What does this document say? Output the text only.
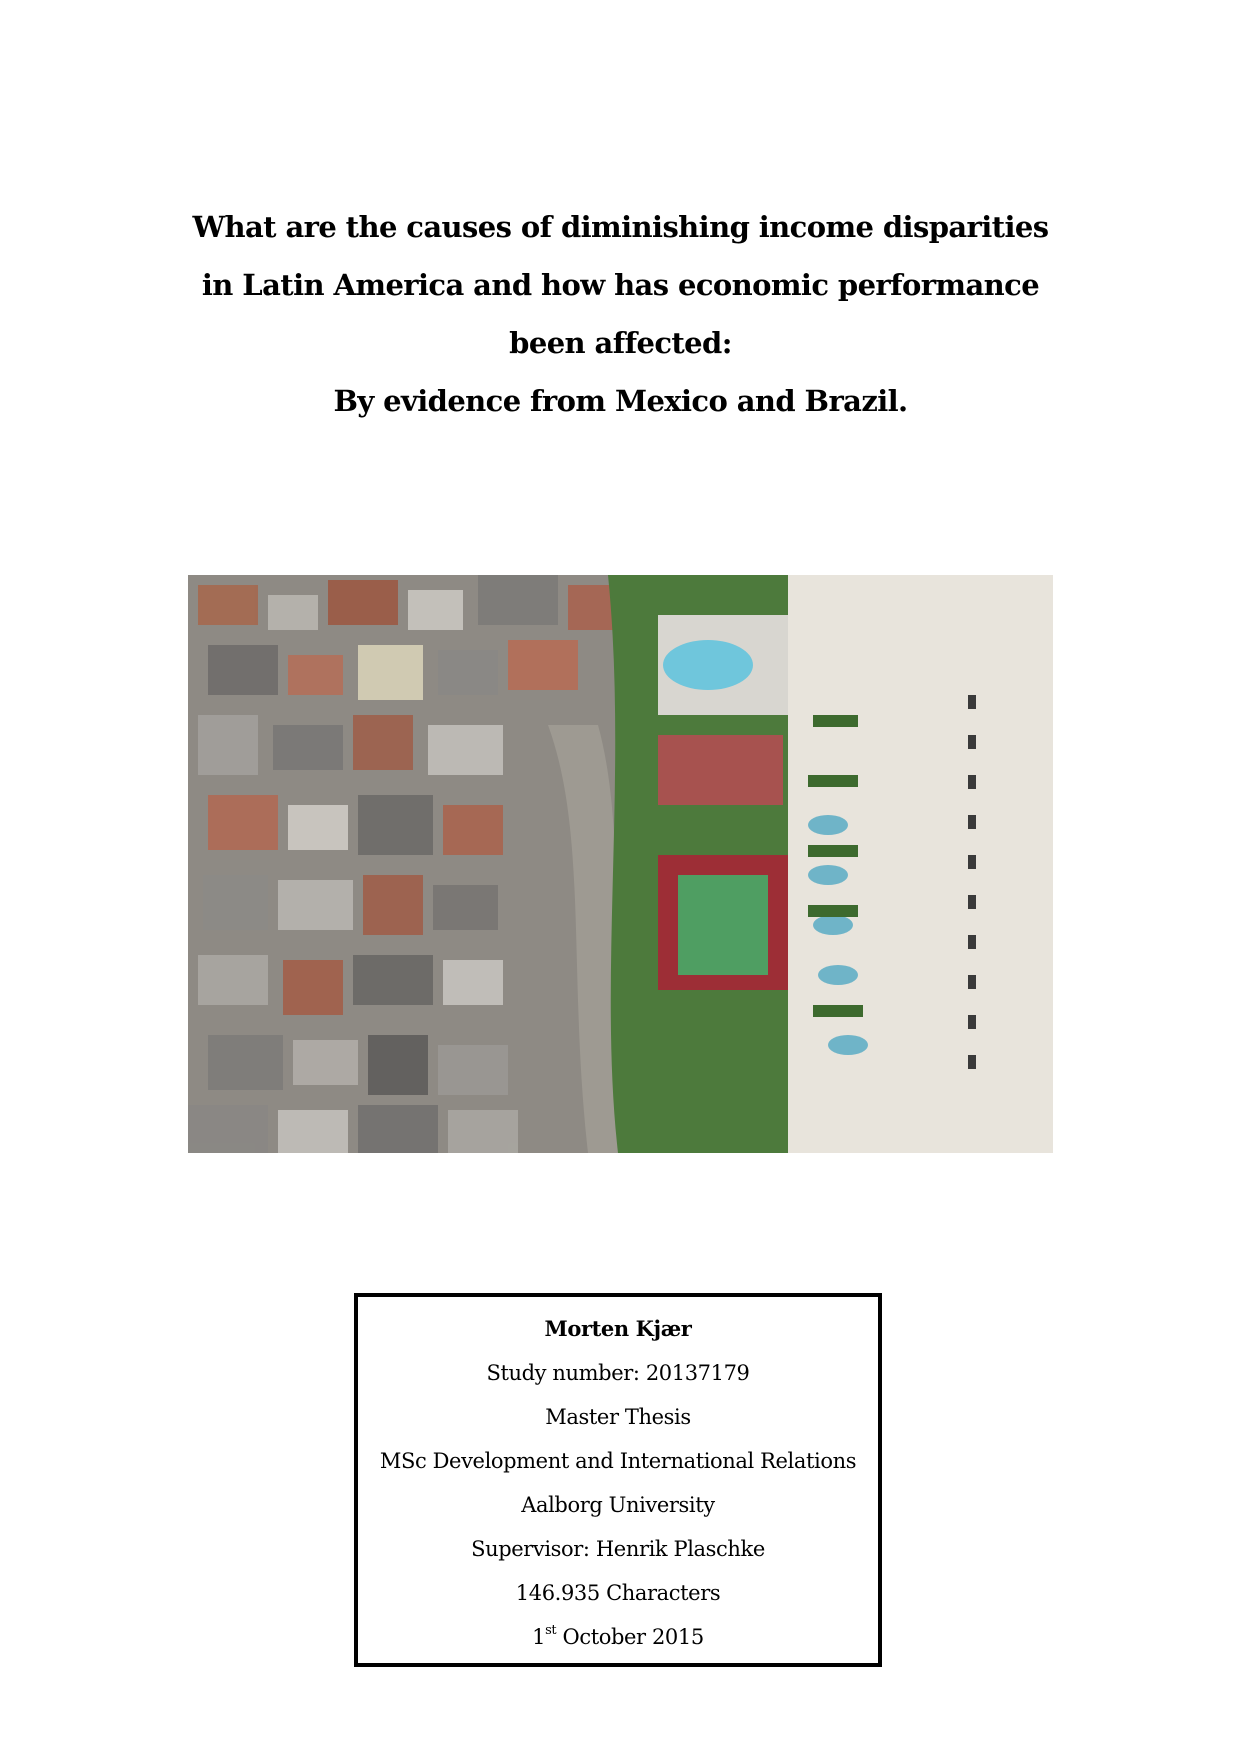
What are the causes of diminishing income disparities
in Latin America and how has economic performance
been affected:
By evidence from Mexico and Brazil.
Morten Kjær
Study number: 20137179
Master Thesis
MSc Development and International Relations
Aalborg University
Supervisor: Henrik Plaschke
146.935 Characters
1st October 2015
